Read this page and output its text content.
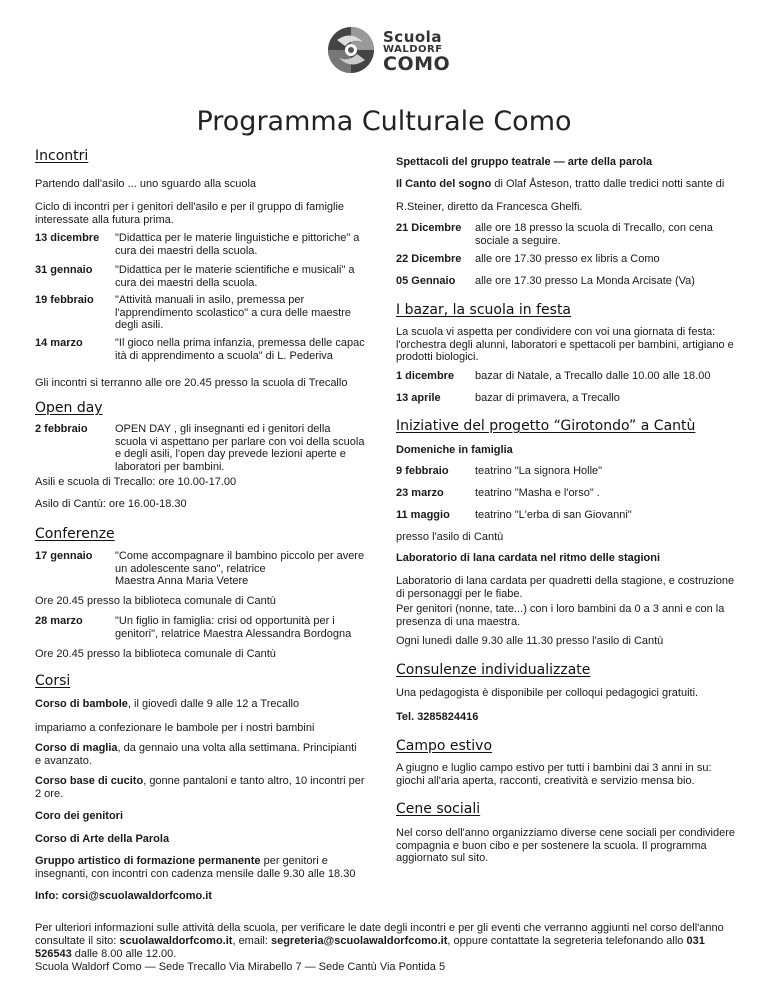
Scuola
WALDORF
COMO
Programma Culturale Como
Incontri

Partendo dall'asilo ... uno sguardo alla scuola

Ciclo di incontri per i genitori dell'asilo e per il gruppo di famiglie interessate alla futura prima.

13 dicembre	"Didattica per le materie linguistiche e pittoriche" a cura dei maestri della scuola.
31 gennaio	"Didattica per le materie scientifiche e musicali" a cura dei maestri della scuola.
19 febbraio	"Attività manuali in asilo, premessa per l'apprendimento scolastico" a cura delle maestre degli asili.
14 marzo	"Il gioco nella prima infanzia, premessa delle capac ità di apprendimento a scuola" di L. Pederiva

Gli incontri si terranno alle ore 20.45 presso la scuola di Trecallo

Open day
2 febbraio	OPEN DAY , gli insegnanti ed i genitori della scuola vi aspettano per parlare con voi della scuola e degli asili, l'open day prevede lezioni aperte e laboratori per bambini.

Asili e scuola di Trecallo: ore 10.00-17.00

Asilo di Cantù: ore 16.00-18.30

Conferenze
17 gennaio	"Come accompagnare il bambino piccolo per avere un adolescente sano", relatrice
Maestra Anna Maria Vetere

Ore 20.45 presso la biblioteca comunale di Cantù

28 marzo	"Un figlio in famiglia: crisi od opportunità per i genitori", relatrice Maestra Alessandra Bordogna

Ore 20.45 presso la biblioteca comunale di Cantù

Corsi

Corso di bambole, il giovedì dalle 9 alle 12 a Trecallo

impariamo a confezionare le bambole per i nostri bambini

Corso di maglia, da gennaio una volta alla settimana. Principianti e avanzato.

Corso base di cucito, gonne pantaloni e tanto altro, 10 incontri per 2 ore.

Coro dei genitori

Corso di Arte della Parola

Gruppo artistico di formazione permanente per genitori e insegnanti, con incontri con cadenza mensile dalle 9.30 alle 18.30

Info: corsi@scuolawaldorfcomo.it

Spettacoli del gruppo teatrale — arte della parola

Il Canto del sogno di Olaf Åsteson, tratto dalle tredici notti sante di

R.Steiner, diretto da Francesca Ghelfi.

21 Dicembre	alle ore 18 presso la scuola di Trecallo, con cena sociale a seguire.
22 Dicembre	alle ore 17.30 presso ex libris a Como
05 Gennaio	alle ore 17.30 presso La Monda Arcisate (Va)
I bazar, la scuola in festa

La scuola vi aspetta per condividere con voi una giornata di festa: l'orchestra degli alunni, laboratori e spettacoli per bambini, artigiano e prodotti biologici.

1 dicembre	bazar di Natale, a Trecallo dalle 10.00 alle 18.00
13 aprile	bazar di primavera, a Trecallo
Iniziative del progetto “Girotondo” a Cantù

Domeniche in famiglia

9 febbraio	teatrino "La signora Holle"
23 marzo	teatrino "Masha e l'orso" .
11 maggio	teatrino "L'erba di san Giovanni"

presso l'asilo di Cantù

Laboratorio di lana cardata nel ritmo delle stagioni

Laboratorio di lana cardata per quadretti della stagione, e costruzione di personaggi per le fiabe.

Per genitori (nonne, tate...) con i loro bambini da 0 a 3 anni e con la presenza di una maestra.

Ogni lunedì dalle 9.30 alle 11.30 presso l'asilo di Cantù

Consulenze individualizzate

Una pedagogista è disponibile per colloqui pedagogici gratuiti.

Tel. 3285824416

Campo estivo

A giugno e luglio campo estivo per tutti i bambini dai 3 anni in su: giochi all'aria aperta, racconti, creatività e servizio mensa bio.

Cene sociali

Nel corso dell'anno organizziamo diverse cene sociali per condividere compagnia e buon cibo e per sostenere la scuola. Il programma aggiornato sul sito.

Per ulteriori informazioni sulle attività della scuola, per verificare le date degli incontri e per gli eventi che verranno aggiunti nel corso dell'anno consultate il sito: scuolawaldorfcomo.it, email: segreteria@scuolawaldorfcomo.it, oppure contattate la segreteria telefonando allo 031 526543 dalle 8.00 alle 12.00.
Scuola Waldorf Como — Sede Trecallo Via Mirabello 7 — Sede Cantù Via Pontida 5
